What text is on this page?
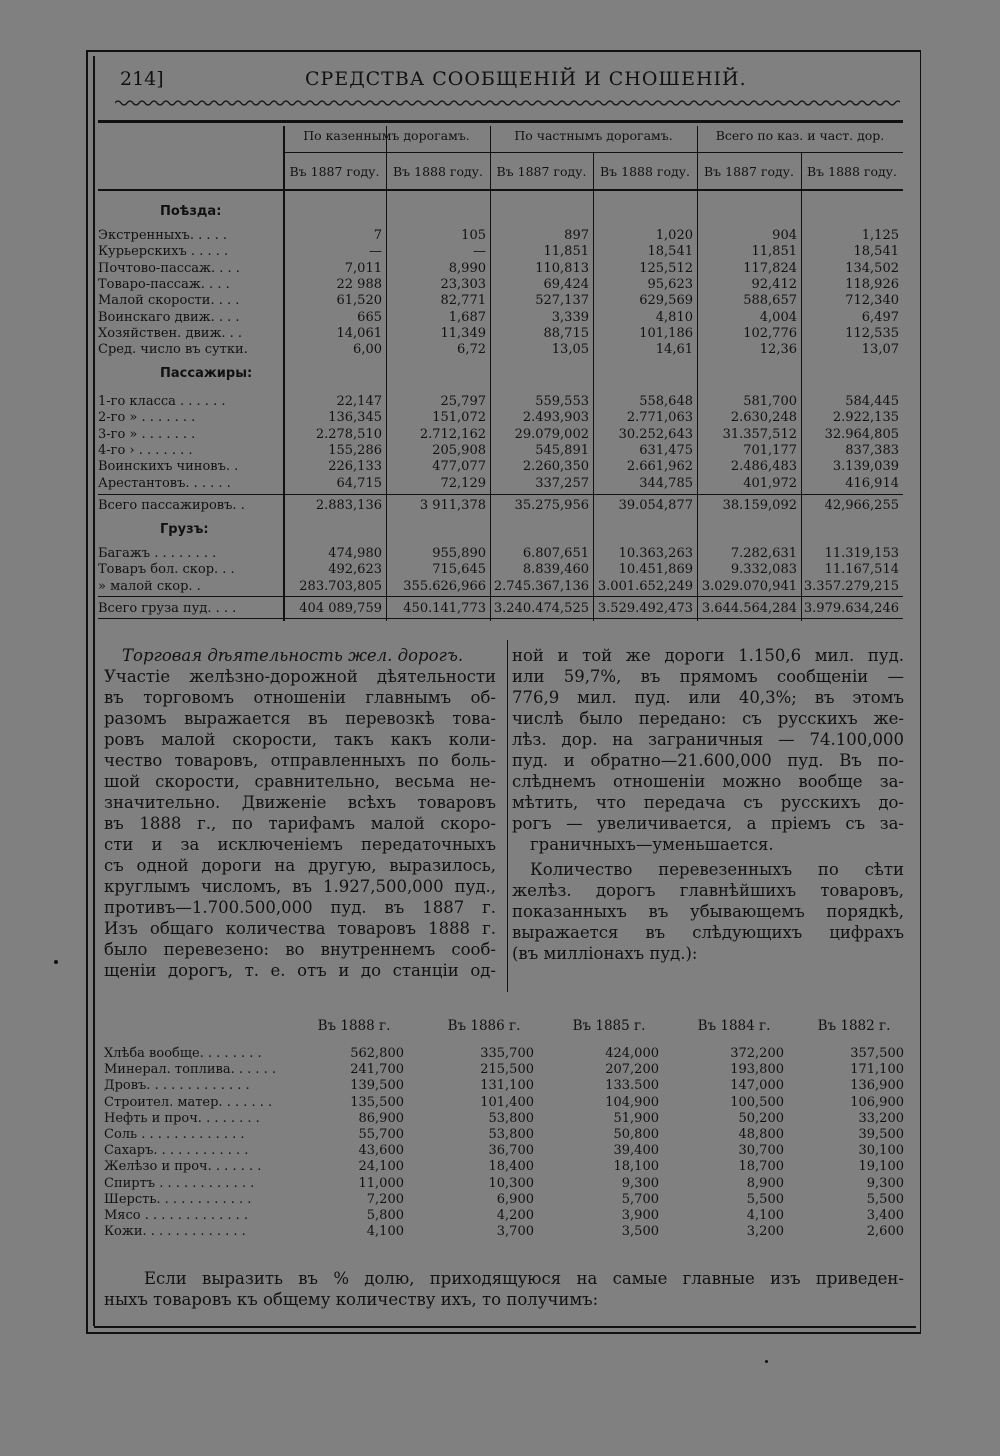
214]	СРЕДСТВА СООБЩЕНІЙ И СНОШЕНІЙ.
По казеннымъ дорогамъ.	По частнымъ дорогамъ.	Всего по каз. и част. дор.
Въ 1887 году.	Въ 1888 году.	Въ 1887 году.	Въ 1888 году.	Въ 1887 году.	Въ 1888 году.
Поѣзда:
Экстренныхъ. . . . .	7	105	897	1,020	904	1,125
Курьерскихъ . . . . .	—	—	11,851	18,541	11,851	18,541
Почтово-пассаж. . . .	7,011	8,990	110,813	125,512	117,824	134,502
Товаро-пассаж. . . .	22 988	23,303	69,424	95,623	92,412	118,926
Малой скорости. . . .	61,520	82,771	527,137	629,569	588,657	712,340
Воинскаго движ. . . .	665	1,687	3,339	4,810	4,004	6,497
Хозяйствен. движ. . .	14,061	11,349	88,715	101,186	102,776	112,535
Сред. число въ сутки.	6,00	6,72	13,05	14,61	12,36	13,07
Пассажиры:
1-го класса . . . . . .	22,147	25,797	559,553	558,648	581,700	584,445
2-го » . . . . . . .	136,345	151,072	2.493,903	2.771,063	2.630,248	2.922,135
3-го » . . . . . . .	2.278,510	2.712,162	29.079,002	30.252,643	31.357,512	32.964,805
4-го › . . . . . . .	155,286	205,908	545,891	631,475	701,177	837,383
Воинскихъ чиновъ. .	226,133	477,077	2.260,350	2.661,962	2.486,483	3.139,039
Арестантовъ. . . . . .	64,715	72,129	337,257	344,785	401,972	416,914
Грузъ:
Багажъ . . . . . . . .	474,980	955,890	6.807,651	10.363,263	7.282,631	11.319,153
Товаръ бол. скор. . .	492,623	715,645	8.839,460	10.451,869	9.332,083	11.167,514
» малой скор. .	283.703,805	355.626,966 2.745.367,136 3.001.652,249 3.029.070,941 3.357.279,215
Всего пассажировъ. .	2.883,136	3 911,378	35.275,956	39.054,877	38.159,092	42,966,255
Всего груза пуд. . . .	404 089,759	450.141,773 3.240.474,525 3.529.492,473 3.644.564,284 3.979.634,246
Торговая дѣятельность жел. дорогъ.
Участіе желѣзно-дорожной дѣятельности
въ торговомъ отношеніи главнымъ об-
разомъ выражается въ перевозкѣ това-
ровъ малой скорости, такъ какъ коли-
чество товаровъ, отправленныхъ по боль-
шой скорости, сравнительно, весьма не-
значительно. Движеніе всѣхъ товаровъ
въ 1888 г., по тарифамъ малой скоро-
сти и за исключеніемъ передаточныхъ
съ одной дороги на другую, выразилось,
круглымъ числомъ, въ 1.927,500,000 пуд.,
противъ—1.700.500,000 пуд. въ 1887 г.
Изъ общаго количества товаровъ 1888 г.
было перевезено: во внутреннемъ сооб-
щеніи дорогъ, т. е. отъ и до станціи од-
ной и той же дороги 1.150,6 мил. пуд.
или 59,7%, въ прямомъ сообщеніи —
776,9 мил. пуд. или 40,3%; въ этомъ
числѣ было передано: съ русскихъ же-
лѣз. дор. на заграничныя — 74.100,000
пуд. и обратно—21.600,000 пуд. Въ по-
слѣднемъ отношеніи можно вообще за-
мѣтить, что передача съ русскихъ до-
рогъ — увеличивается, а пріемъ съ за-
граничныхъ—уменьшается.
Количество перевезенныхъ по сѣти
желѣз. дорогъ главнѣйшихъ товаровъ,
показанныхъ въ убывающемъ порядкѣ,
выражается въ слѣдующихъ цифрахъ
(въ милліонахъ пуд.):
Въ 1888 г.	Въ 1886 г.	Въ 1885 г.	Въ 1884 г.	Въ 1882 г.
Хлѣба вообще. . . . . . . .	562,800	335,700	424,000	372,200	357,500
Минерал. топлива. . . . . .	241,700	215,500	207,200	193,800	171,100
Дровъ. . . . . . . . . . . . .	139,500	131,100	133.500	147,000	136,900
Строител. матер. . . . . . .	135,500	101,400	104,900	100,500	106,900
Нефть и проч. . . . . . . .	86,900	53,800	51,900	50,200	33,200
Соль . . . . . . . . . . . . .	55,700	53,800	50,800	48,800	39,500
Сахаръ. . . . . . . . . . . .	43,600	36,700	39,400	30,700	30,100
Желѣзо и проч. . . . . . .	24,100	18,400	18,100	18,700	19,100
Спиртъ . . . . . . . . . . . .	11,000	10,300	9,300	8,900	9,300
Шерсть. . . . . . . . . . . .	7,200	6,900	5,700	5,500	5,500
Мясо . . . . . . . . . . . . .	5,800	4,200	3,900	4,100	3,400
Кожи. . . . . . . . . . . . .	4,100	3,700	3,500	3,200	2,600
Если выразить въ % долю, приходящуюся на самые главные изъ приведен-
ныхъ товаровъ къ общему количеству ихъ, то получимъ:
